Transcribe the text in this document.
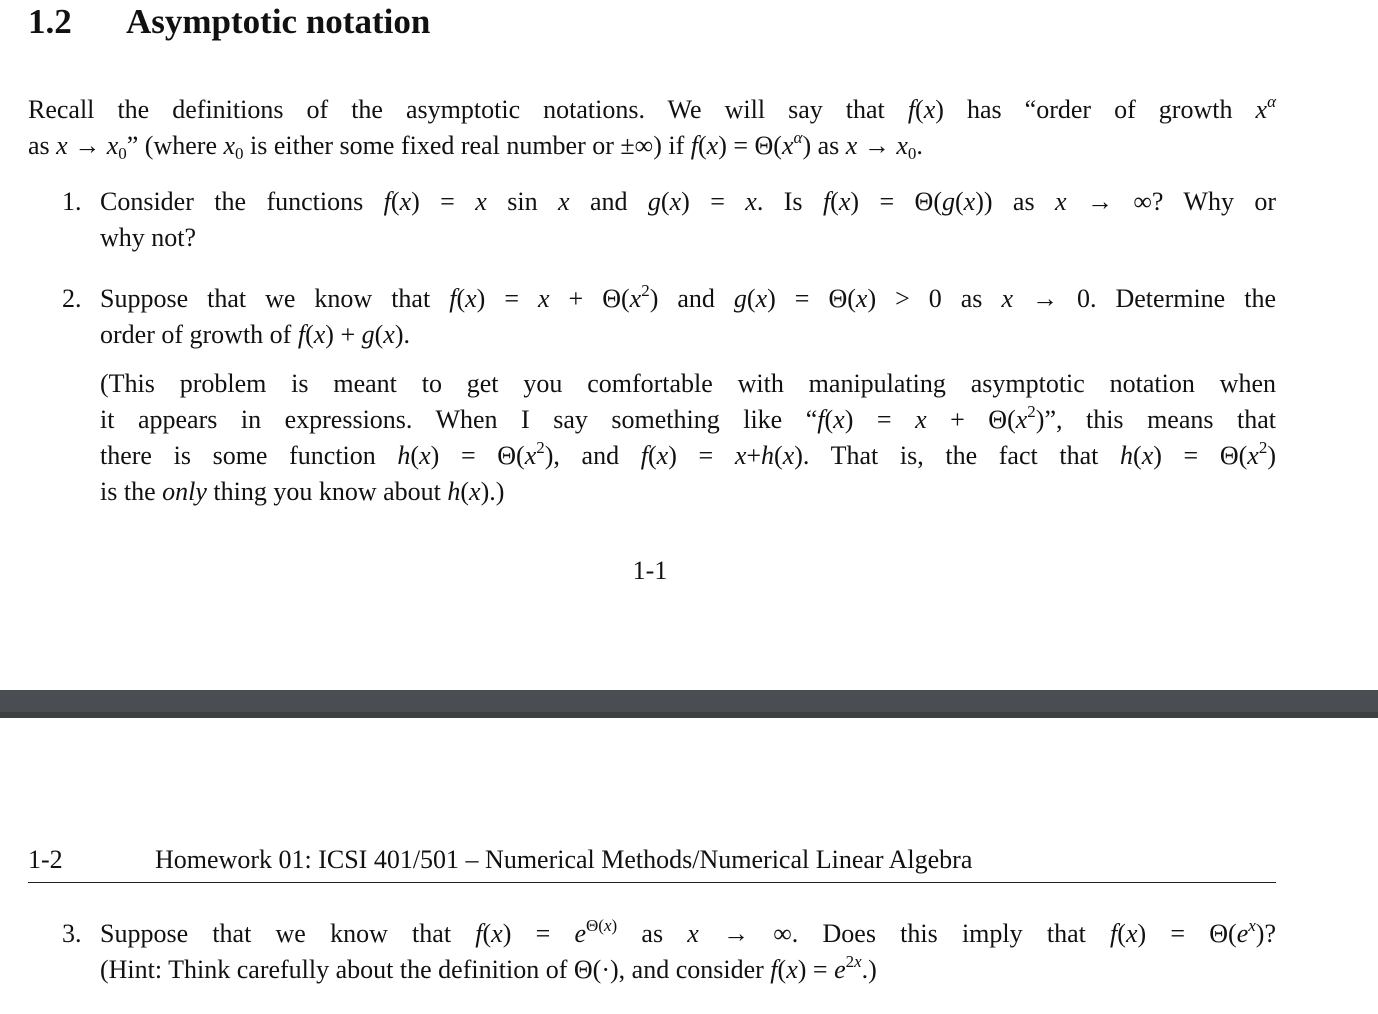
1.2 Asymptotic notation
Recall the definitions of the asymptotic notations. We will say that f(x) has “order of growth $x^\alpha$
as $x \to x_0$” (where $x_0$ is either some fixed real number or ±∞) if $f(x) = \Theta(x^\alpha)$ as $x \to x_0$.
1. Consider the functions f(x) = x sin x and g(x) = x. Is f(x) = Θ(g(x)) as x → ∞? Why or
why not?
2. Suppose that we know that $f(x) = x + \Theta(x^2)$ and g(x) = Θ(x) > 0 as x → 0. Determine the
order of growth of f(x) + g(x).
(This problem is meant to get you comfortable with manipulating asymptotic notation when
it appears in expressions. When I say something like “$f(x) = x + \Theta(x^2)$”, this means that
there is some function $h(x) = \Theta(x^2)$, and f(x) = x+h(x). That is, the fact that $h(x) = \Theta(x^2)$
is the only thing you know about h(x).)
1-1
1-2	Homework 01: ICSI 401/501 – Numerical Methods/Numerical Linear Algebra
3. Suppose that we know that $f(x) = e^{\Theta(x)}$ as x → ∞. Does this imply that $f(x) = \Theta(e^x)$?
(Hint: Think carefully about the definition of Θ(·), and consider $f(x) = e^{2x}$.)
